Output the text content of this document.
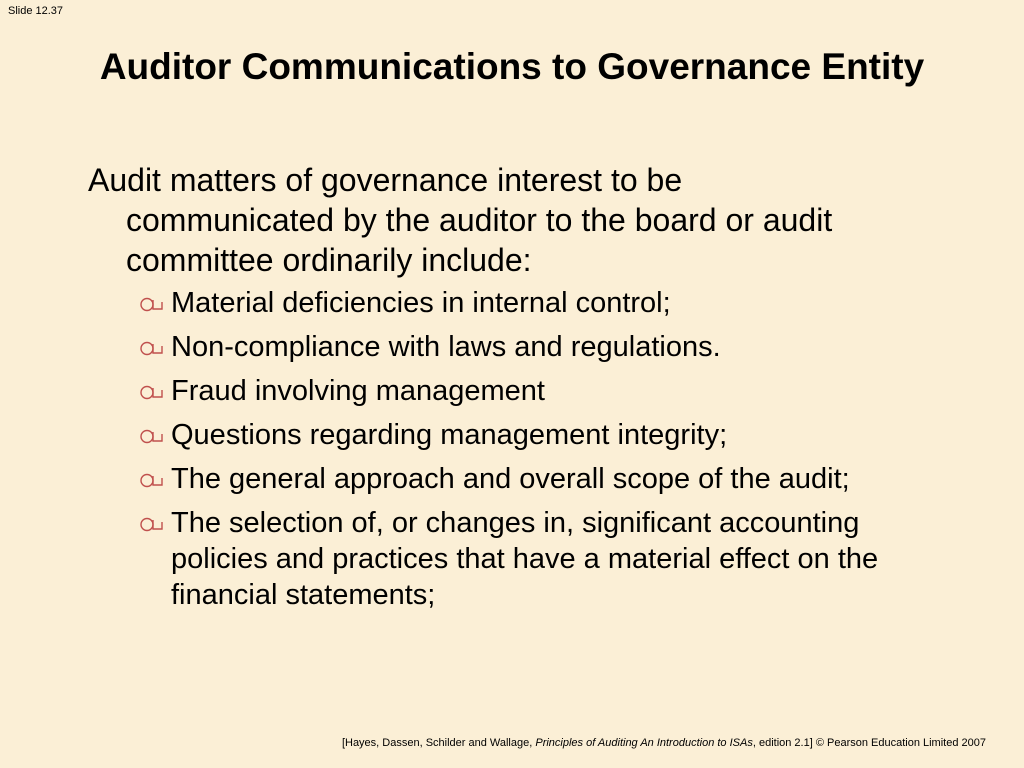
Slide 12.37
Auditor Communications to Governance Entity

Audit matters of governance interest to be communicated by the auditor to the board or audit committee ordinarily include:

Material deficiencies in internal control;
Non-compliance with laws and regulations.
Fraud involving management
Questions regarding management integrity;
The general approach and overall scope of the audit;
The selection of, or changes in, significant accounting policies and practices that have a material effect on the financial statements;
[Hayes, Dassen, Schilder and Wallage, Principles of Auditing An Introduction to ISAs, edition 2.1] © Pearson Education Limited 2007
